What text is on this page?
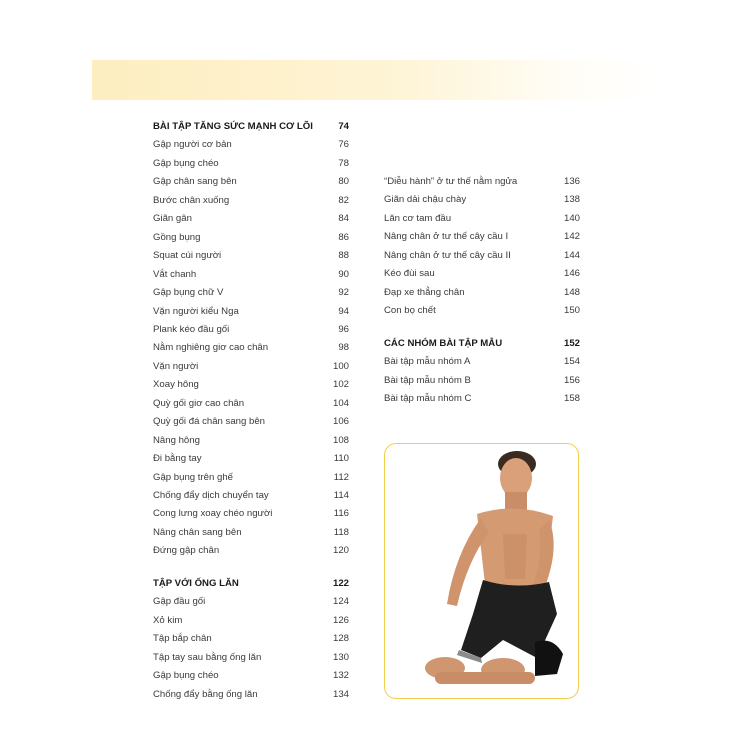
BÀI TẬP TĂNG SỨC MẠNH CƠ LÕI	74
Gập người cơ bản	76
Gập bụng chéo	78
Gập chân sang bên	80
Bước chân xuống	82
Giãn gân	84
Gồng bụng	86
Squat cúi người	88
Vắt chanh	90
Gập bụng chữ V	92
Vặn người kiểu Nga	94
Plank kéo đầu gối	96
Nằm nghiêng giơ cao chân	98
Vặn người	100
Xoay hông	102
Quỳ gối giơ cao chân	104
Quỳ gối đá chân sang bên	106
Nâng hông	108
Đi bằng tay	110
Gập bụng trên ghế	112
Chống đẩy dịch chuyển tay	114
Cong lưng xoay chéo người	116
Nâng chân sang bên	118
Đứng gập chân	120
TẬP VỚI ỐNG LĂN	122
Gập đầu gối	124
Xỏ kim	126
Tập bắp chân	128
Tập tay sau bằng ống lăn	130
Gập bụng chéo	132
Chống đẩy bằng ống lăn	134
“Diễu hành” ở tư thế nằm ngửa	136
Giãn dải chậu chày	138
Lăn cơ tam đầu	140
Nâng chân ở tư thế cây cầu I	142
Nâng chân ở tư thế cây cầu II	144
Kéo đùi sau	146
Đạp xe thẳng chân	148
Con bọ chết	150
CÁC NHÓM BÀI TẬP MẪU	152
Bài tập mẫu nhóm A	154
Bài tập mẫu nhóm B	156
Bài tập mẫu nhóm C	158
